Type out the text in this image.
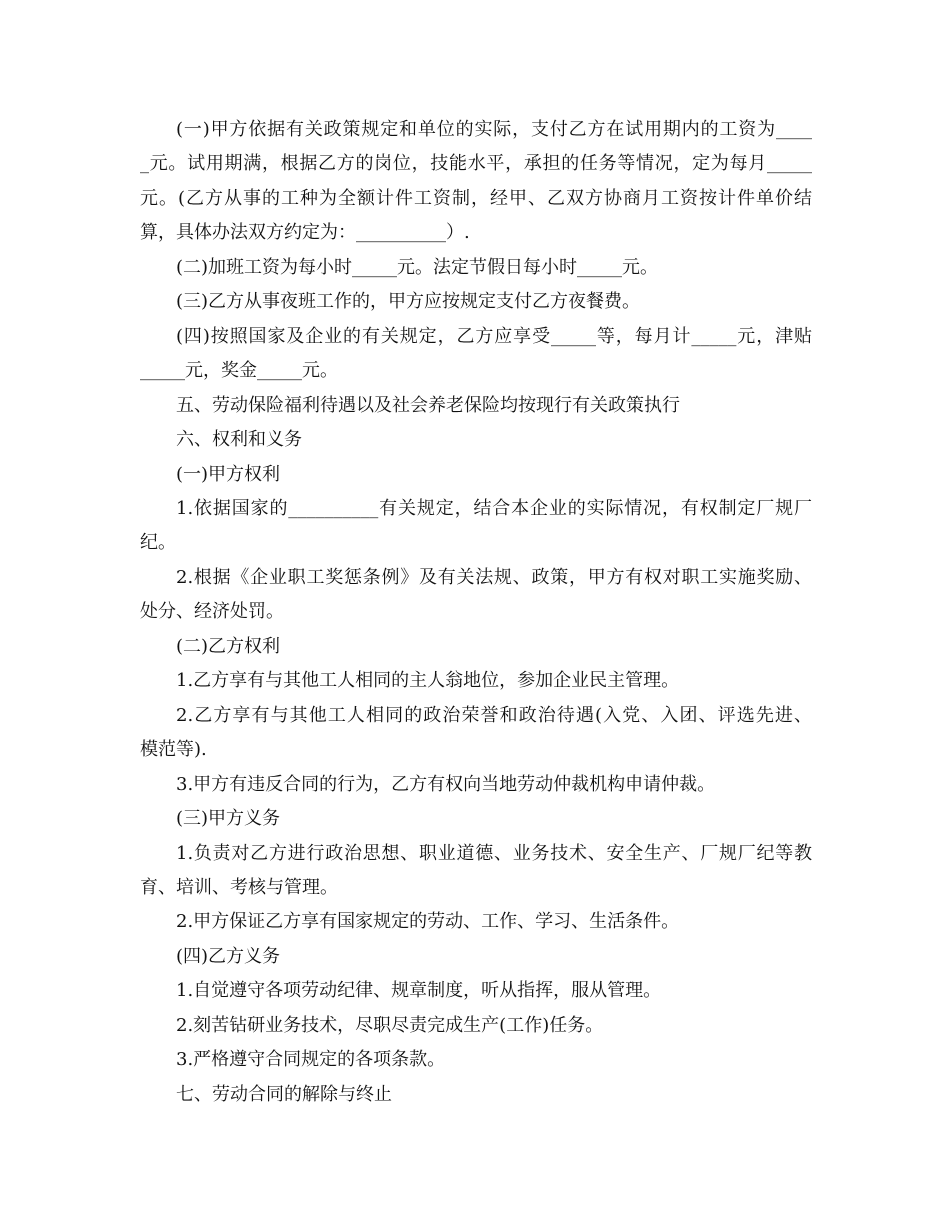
(一)甲方依据有关政策规定和单位的实际，支付乙方在试用期内的工资为____
_元。试用期满，根据乙方的岗位，技能水平，承担的任务等情况，定为每月_____
元。(乙方从事的工种为全额计件工资制，经甲、乙双方协商月工资按计件单价结
算，具体办法双方约定为：__________）.
(二)加班工资为每小时_____元。法定节假日每小时_____元。
(三)乙方从事夜班工作的，甲方应按规定支付乙方夜餐费。
(四)按照国家及企业的有关规定，乙方应享受_____等，每月计_____元，津贴
_____元，奖金_____元。
五、劳动保险福利待遇以及社会养老保险均按现行有关政策执行
六、权利和义务
(一)甲方权利
1.依据国家的__________有关规定，结合本企业的实际情况，有权制定厂规厂
纪。
2.根据《企业职工奖惩条例》及有关法规、政策，甲方有权对职工实施奖励、
处分、经济处罚。
(二)乙方权利
1.乙方享有与其他工人相同的主人翁地位，参加企业民主管理。
2.乙方享有与其他工人相同的政治荣誉和政治待遇(入党、入团、评选先进、
模范等).
3.甲方有违反合同的行为，乙方有权向当地劳动仲裁机构申请仲裁。
(三)甲方义务
1.负责对乙方进行政治思想、职业道德、业务技术、安全生产、厂规厂纪等教
育、培训、考核与管理。
2.甲方保证乙方享有国家规定的劳动、工作、学习、生活条件。
(四)乙方义务
1.自觉遵守各项劳动纪律、规章制度，听从指挥，服从管理。
2.刻苦钻研业务技术，尽职尽责完成生产(工作)任务。
3.严格遵守合同规定的各项条款。
七、劳动合同的解除与终止
